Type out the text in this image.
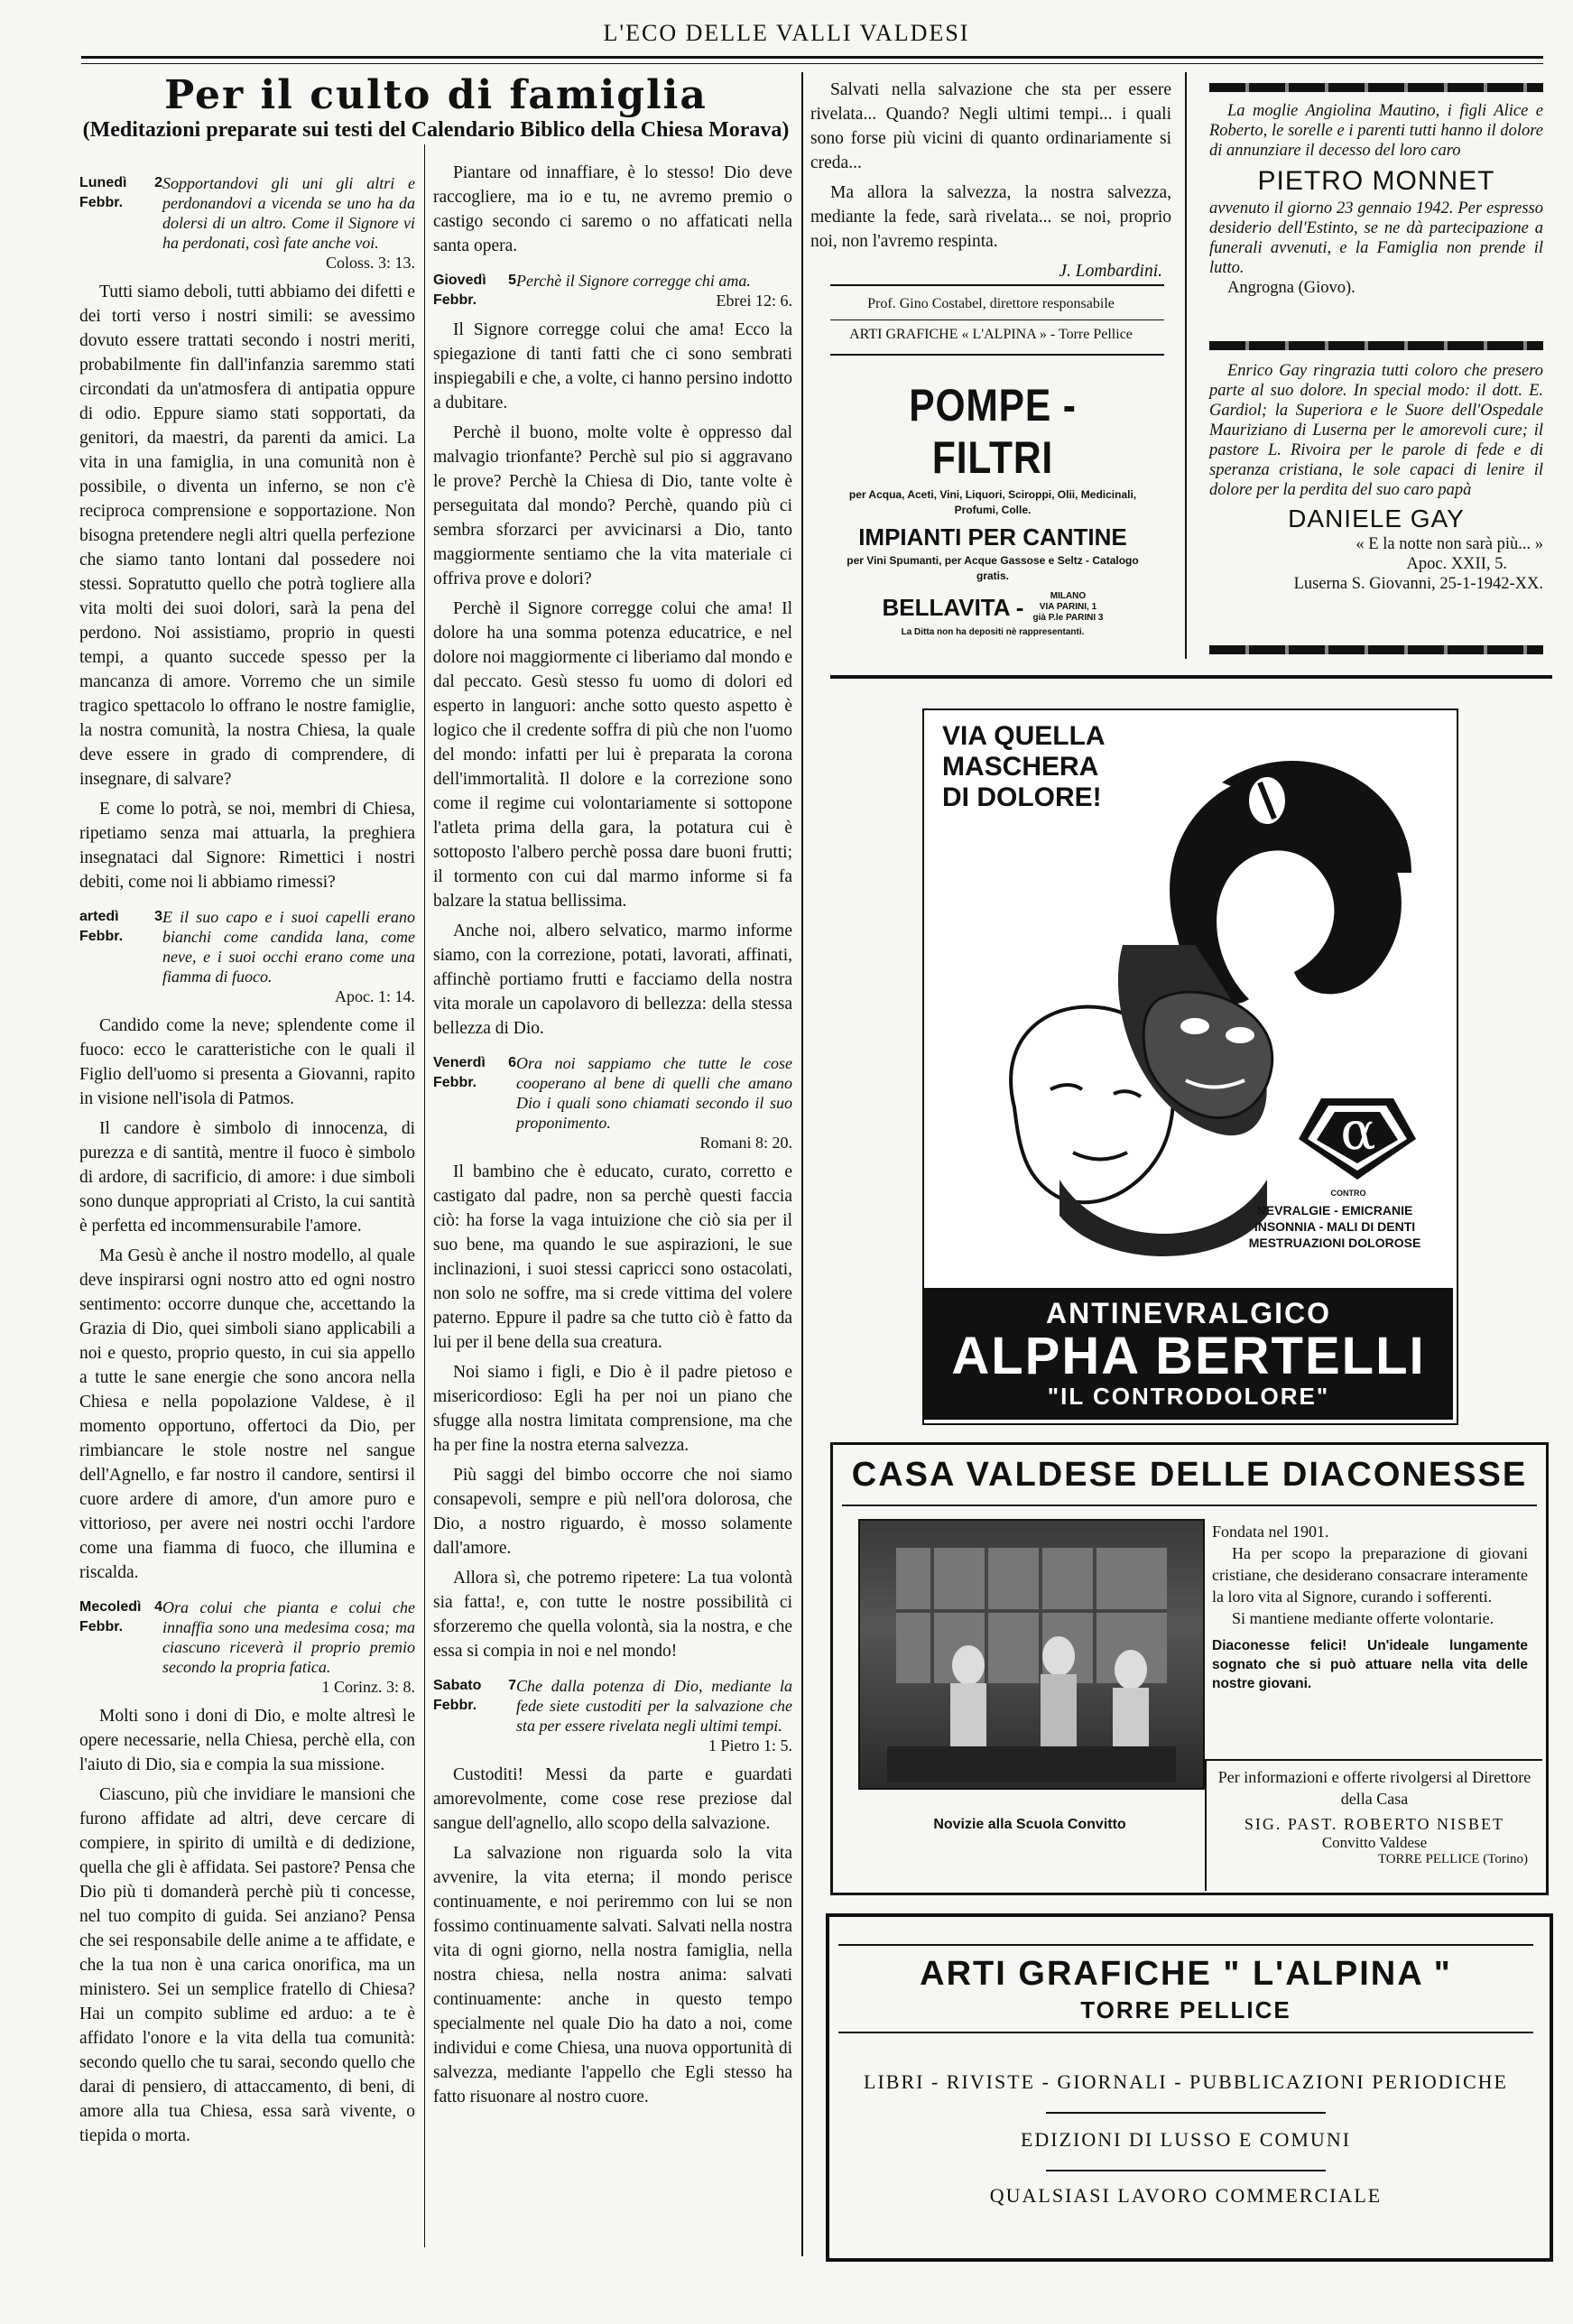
L'ECO DELLE VALLI VALDESI
Per il culto di famiglia
(Meditazioni preparate sui testi del Calendario Biblico della Chiesa Morava)
Lunedì 2 Febbr.
Sopportandovi gli uni gli altri e perdonandovi a vicenda se uno ha da dolersi di un altro. Come il Signore vi ha perdonati, così fate anche voi.
Coloss. 3: 13.

Tutti siamo deboli, tutti abbiamo dei difetti e dei torti verso i nostri simili: se avessimo dovuto essere trattati secondo i nostri meriti, probabilmente fin dall'infanzia saremmo stati circondati da un'atmosfera di antipatia oppure di odio. Eppure siamo stati sopportati, da genitori, da maestri, da parenti da amici. La vita in una famiglia, in una comunità non è possibile, o diventa un inferno, se non c'è reciproca comprensione e sopportazione. Non bisogna pretendere negli altri quella perfezione che siamo tanto lontani dal possedere noi stessi. Sopratutto quello che potrà togliere alla vita molti dei suoi dolori, sarà la pena del perdono. Noi assistiamo, proprio in questi tempi, a quanto succede spesso per la mancanza di amore. Vorremo che un simile tragico spettacolo lo offrano le nostre famiglie, la nostra comunità, la nostra Chiesa, la quale deve essere in grado di comprendere, di insegnare, di salvare?

E come lo potrà, se noi, membri di Chiesa, ripetiamo senza mai attuarla, la preghiera insegnataci dal Signore: Rimettici i nostri debiti, come noi li abbiamo rimessi?

artedì 3 Febbr.
E il suo capo e i suoi capelli erano bianchi come candida lana, come neve, e i suoi occhi erano come una fiamma di fuoco.
Apoc. 1: 14.

Candido come la neve; splendente come il fuoco: ecco le caratteristiche con le quali il Figlio dell'uomo si presenta a Giovanni, rapito in visione nell'isola di Patmos.

Il candore è simbolo di innocenza, di purezza e di santità, mentre il fuoco è simbolo di ardore, di sacrificio, di amore: i due simboli sono dunque appropriati al Cristo, la cui santità è perfetta ed incommensurabile l'amore.

Ma Gesù è anche il nostro modello, al quale deve inspirarsi ogni nostro atto ed ogni nostro sentimento: occorre dunque che, accettando la Grazia di Dio, quei simboli siano applicabili a noi e questo, proprio questo, in cui sia appello a tutte le sane energie che sono ancora nella Chiesa e nella popolazione Valdese, è il momento opportuno, offertoci da Dio, per rimbiancare le stole nostre nel sangue dell'Agnello, e far nostro il candore, sentirsi il cuore ardere di amore, d'un amore puro e vittorioso, per avere nei nostri occhi l'ardore come una fiamma di fuoco, che illumina e riscalda.

Mecoledì 4 Febbr.
Ora colui che pianta e colui che innaffia sono una medesima cosa; ma ciascuno riceverà il proprio premio secondo la propria fatica.
1 Corinz. 3: 8.

Molti sono i doni di Dio, e molte altresì le opere necessarie, nella Chiesa, perchè ella, con l'aiuto di Dio, sia e compia la sua missione.

Ciascuno, più che invidiare le mansioni che furono affidate ad altri, deve cercare di compiere, in spirito di umiltà e di dedizione, quella che gli è affidata. Sei pastore? Pensa che Dio più ti domanderà perchè più ti concesse, nel tuo compito di guida. Sei anziano? Pensa che sei responsabile delle anime a te affidate, e che la tua non è una carica onorifica, ma un ministero. Sei un semplice fratello di Chiesa? Hai un compito sublime ed arduo: a te è affidato l'onore e la vita della tua comunità: secondo quello che tu sarai, secondo quello che darai di pensiero, di attaccamento, di beni, di amore alla tua Chiesa, essa sarà vivente, o tiepida o morta.

Piantare od innaffiare, è lo stesso! Dio deve raccogliere, ma io e tu, ne avremo premio o castigo secondo ci saremo o no affaticati nella santa opera.

Giovedì 5 Febbr.
Perchè il Signore corregge chi ama.
Ebrei 12: 6.

Il Signore corregge colui che ama! Ecco la spiegazione di tanti fatti che ci sono sembrati inspiegabili e che, a volte, ci hanno persino indotto a dubitare.

Perchè il buono, molte volte è oppresso dal malvagio trionfante? Perchè sul pio si aggravano le prove? Perchè la Chiesa di Dio, tante volte è perseguitata dal mondo? Perchè, quando più ci sembra sforzarci per avvicinarsi a Dio, tanto maggiormente sentiamo che la vita materiale ci offriva prove e dolori?

Perchè il Signore corregge colui che ama! Il dolore ha una somma potenza educatrice, e nel dolore noi maggiormente ci liberiamo dal mondo e dal peccato. Gesù stesso fu uomo di dolori ed esperto in languori: anche sotto questo aspetto è logico che il credente soffra di più che non l'uomo del mondo: infatti per lui è preparata la corona dell'immortalità. Il dolore e la correzione sono come il regime cui volontariamente si sottopone l'atleta prima della gara, la potatura cui è sottoposto l'albero perchè possa dare buoni frutti; il tormento con cui dal marmo informe si fa balzare la statua bellissima.

Anche noi, albero selvatico, marmo informe siamo, con la correzione, potati, lavorati, affinati, affinchè portiamo frutti e facciamo della nostra vita morale un capolavoro di bellezza: della stessa bellezza di Dio.

Venerdì 6 Febbr.
Ora noi sappiamo che tutte le cose cooperano al bene di quelli che amano Dio i quali sono chiamati secondo il suo proponimento.
Romani 8: 20.

Il bambino che è educato, curato, corretto e castigato dal padre, non sa perchè questi faccia ciò: ha forse la vaga intuizione che ciò sia per il suo bene, ma quando le sue aspirazioni, le sue inclinazioni, i suoi stessi capricci sono ostacolati, non solo ne soffre, ma si crede vittima del volere paterno. Eppure il padre sa che tutto ciò è fatto da lui per il bene della sua creatura.

Noi siamo i figli, e Dio è il padre pietoso e misericordioso: Egli ha per noi un piano che sfugge alla nostra limitata comprensione, ma che ha per fine la nostra eterna salvezza.

Più saggi del bimbo occorre che noi siamo consapevoli, sempre e più nell'ora dolorosa, che Dio, a nostro riguardo, è mosso solamente dall'amore.

Allora sì, che potremo ripetere: La tua volontà sia fatta!, e, con tutte le nostre possibilità ci sforzeremo che quella volontà, sia la nostra, e che essa si compia in noi e nel mondo!

Sabato 7 Febbr.
Che dalla potenza di Dio, mediante la fede siete custoditi per la salvazione che sta per essere rivelata negli ultimi tempi.
1 Pietro 1: 5.

Custoditi! Messi da parte e guardati amorevolmente, come cose rese preziose dal sangue dell'agnello, allo scopo della salvazione.

La salvazione non riguarda solo la vita avvenire, la vita eterna; il mondo perisce continuamente, e noi periremmo con lui se non fossimo continuamente salvati. Salvati nella nostra vita di ogni giorno, nella nostra famiglia, nella nostra chiesa, nella nostra anima: salvati continuamente: anche in questo tempo specialmente nel quale Dio ha dato a noi, come individui e come Chiesa, una nuova opportunità di salvezza, mediante l'appello che Egli stesso ha fatto risuonare al nostro cuore.

Salvati nella salvazione che sta per essere rivelata... Quando? Negli ultimi tempi... i quali sono forse più vicini di quanto ordinariamente si creda...

Ma allora la salvezza, la nostra salvezza, mediante la fede, sarà rivelata... se noi, proprio noi, non l'avremo respinta.

J. Lombardini.
Prof. Gino Costabel, direttore responsabile
ARTI GRAFICHE « L'ALPINA » - Torre Pellice
POMPE - FILTRI
per Acqua, Aceti, Vini, Liquori, Sciroppi, Olii, Medicinali, Profumi, Colle.
IMPIANTI PER CANTINE
per Vini Spumanti, per Acque Gassose e Seltz - Catalogo gratis.
BELLAVITA -	MILANO
VIA PARINI, 1
già P.le PARINI 3
La Ditta non ha depositi nè rappresentanti.
La moglie Angiolina Mautino, i figli Alice e Roberto, le sorelle e i parenti tutti hanno il dolore di annunziare il decesso del loro caro
PIETRO MONNET
avvenuto il giorno 23 gennaio 1942. Per espresso desiderio dell'Estinto, se ne dà partecipazione a funerali avvenuti, e la Famiglia non prende il lutto.
Angrogna (Giovo).
Enrico Gay ringrazia tutti coloro che presero parte al suo dolore. In special modo: il dott. E. Gardiol; la Superiora e le Suore dell'Ospedale Mauriziano di Luserna per le amorevoli cure; il pastore L. Rivoira per le parole di fede e di speranza cristiana, le sole capaci di lenire il dolore per la perdita del suo caro papà
DANIELE GAY
« E la notte non sarà più... »
Apoc. XXII, 5.
Luserna S. Giovanni, 25-1-1942-XX.
VIA QUELLA
MASCHERA
DI DOLORE!
α
CONTRO
NEVRALGIE - EMICRANIE
INSONNIA - MALI DI DENTI
MESTRUAZIONI DOLOROSE
ANTINEVRALGICO
ALPHA BERTELLI
"IL CONTRODOLORE"
CASA VALDESE DELLE DIACONESSE
Novizie alla Scuola Convitto
Fondata nel 1901.
Ha per scopo la preparazione di giovani cristiane, che desiderano consacrare interamente la loro vita al Signore, curando i sofferenti.
Si mantiene mediante offerte volontarie.
Diaconesse felici! Un'ideale lungamente sognato che si può attuare nella vita delle nostre giovani.
Per informazioni e offerte rivolgersi al Direttore della Casa
SIG. PAST. ROBERTO NISBET
Convitto Valdese
TORRE PELLICE (Torino)
ARTI GRAFICHE " L'ALPINA "
TORRE PELLICE
LIBRI - RIVISTE - GIORNALI - PUBBLICAZIONI PERIODICHE
EDIZIONI DI LUSSO E COMUNI
QUALSIASI LAVORO COMMERCIALE
